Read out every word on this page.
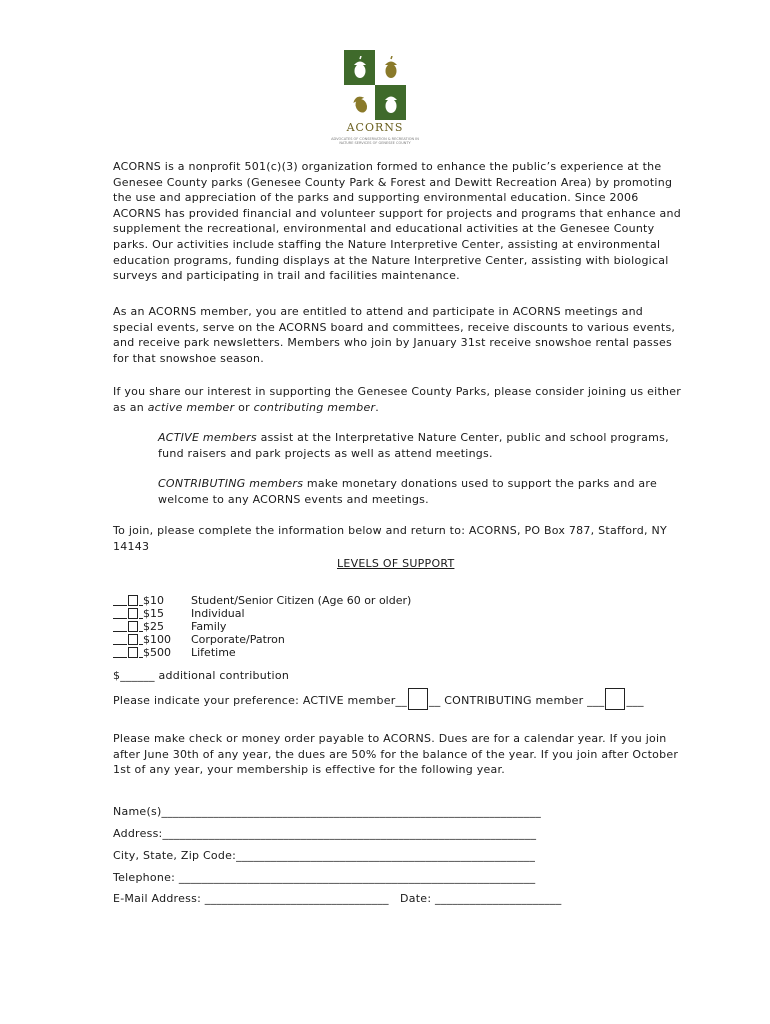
ACORNS
ADVOCATES OF CONSERVATION & RECREATION IN NATURE SERVICES OF GENESEE COUNTY
ACORNS is a nonprofit 501(c)(3) organization formed to enhance the public’s experience at the Genesee County parks (Genesee County Park & Forest and Dewitt Recreation Area) by promoting the use and appreciation of the parks and supporting environmental education. Since 2006 ACORNS has provided financial and volunteer support for projects and programs that enhance and supplement the recreational, environmental and educational activities at the Genesee County parks. Our activities include staffing the Nature Interpretive Center, assisting at environmental education programs, funding displays at the Nature Interpretive Center, assisting with biological surveys and participating in trail and facilities maintenance.
As an ACORNS member, you are entitled to attend and participate in ACORNS meetings and special events, serve on the ACORNS board and committees, receive discounts to various events, and receive park newsletters. Members who join by January 31st receive snowshoe rental passes for that snowshoe season.
If you share our interest in supporting the Genesee County Parks, please consider joining us either as an active member or contributing member.
ACTIVE members assist at the Interpretative Nature Center, public and school programs, fund raisers and park projects as well as attend meetings.
CONTRIBUTING members make monetary donations used to support the parks and are welcome to any ACORNS events and meetings.
To join, please complete the information below and return to: ACORNS, PO Box 787, Stafford, NY 14143
LEVELS OF SUPPORT
$10	Student/Senior Citizen (Age 60 or older)
$15	Individual
$25	Family
$100	Corporate/Patron
$500	Lifetime
$______ additional contribution
Please indicate your preference: ACTIVE member__ __ CONTRIBUTING member ___ ___
Please make check or money order payable to ACORNS. Dues are for a calendar year. If you join after June 30th of any year, the dues are 50% for the balance of the year. If you join after October 1st of any year, your membership is effective for the following year.
Name(s)__________________________________________________________________
Address:_________________________________________________________________
City, State, Zip Code:____________________________________________________
Telephone: ______________________________________________________________
E-Mail Address: ________________________________ Date: ______________________
